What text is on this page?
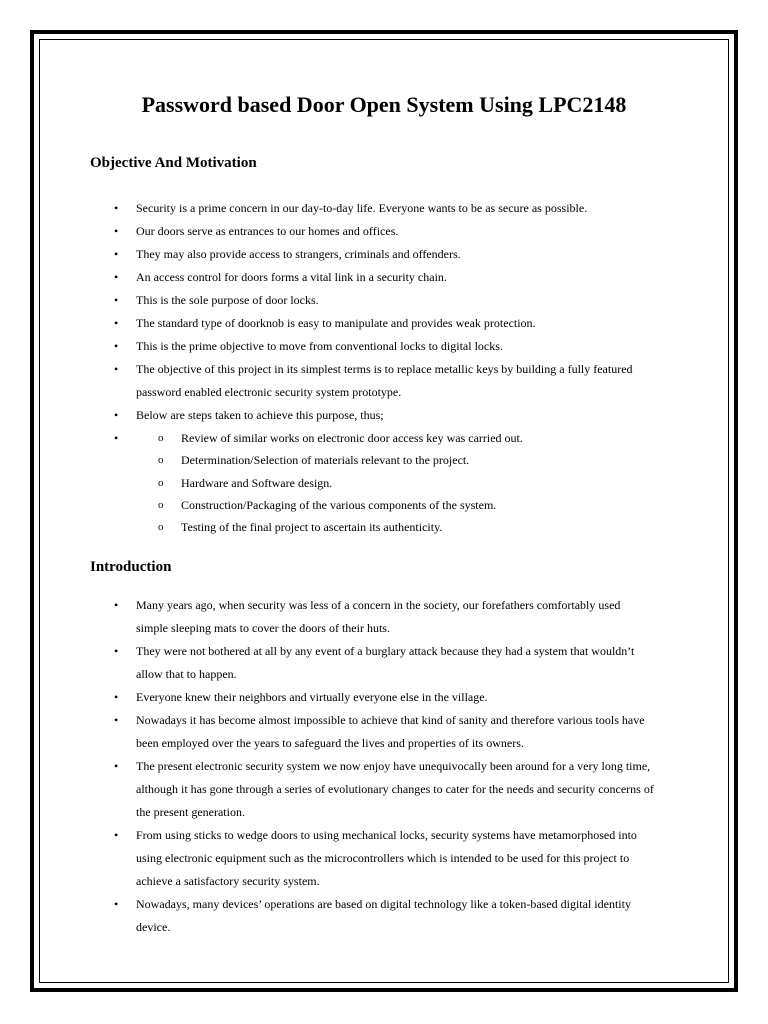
Password based Door Open System Using LPC2148
Objective And Motivation
• Security is a prime concern in our day-to-day life. Everyone wants to be as secure as possible.
• Our doors serve as entrances to our homes and offices.
• They may also provide access to strangers, criminals and offenders.
• An access control for doors forms a vital link in a security chain.
• This is the sole purpose of door locks.
• The standard type of doorknob is easy to manipulate and provides weak protection.
• This is the prime objective to move from conventional locks to digital locks.
• The objective of this project in its simplest terms is to replace metallic keys by building a fully featured
password enabled electronic security system prototype.
• Below are steps taken to achieve this purpose, thus;
o • Review of similar works on electronic door access key was carried out.
o Determination/Selection of materials relevant to the project.
o Hardware and Software design.
o Construction/Packaging of the various components of the system.
o Testing of the final project to ascertain its authenticity.
Introduction
• Many years ago, when security was less of a concern in the society, our forefathers comfortably used
simple sleeping mats to cover the doors of their huts.
• They were not bothered at all by any event of a burglary attack because they had a system that wouldn’t
allow that to happen.
• Everyone knew their neighbors and virtually everyone else in the village.
• Nowadays it has become almost impossible to achieve that kind of sanity and therefore various tools have
been employed over the years to safeguard the lives and properties of its owners.
• The present electronic security system we now enjoy have unequivocally been around for a very long time,
although it has gone through a series of evolutionary changes to cater for the needs and security concerns of
the present generation.
• From using sticks to wedge doors to using mechanical locks, security systems have metamorphosed into
using electronic equipment such as the microcontrollers which is intended to be used for this project to
achieve a satisfactory security system.
• Nowadays, many devices’ operations are based on digital technology like a token-based digital identity
device.
